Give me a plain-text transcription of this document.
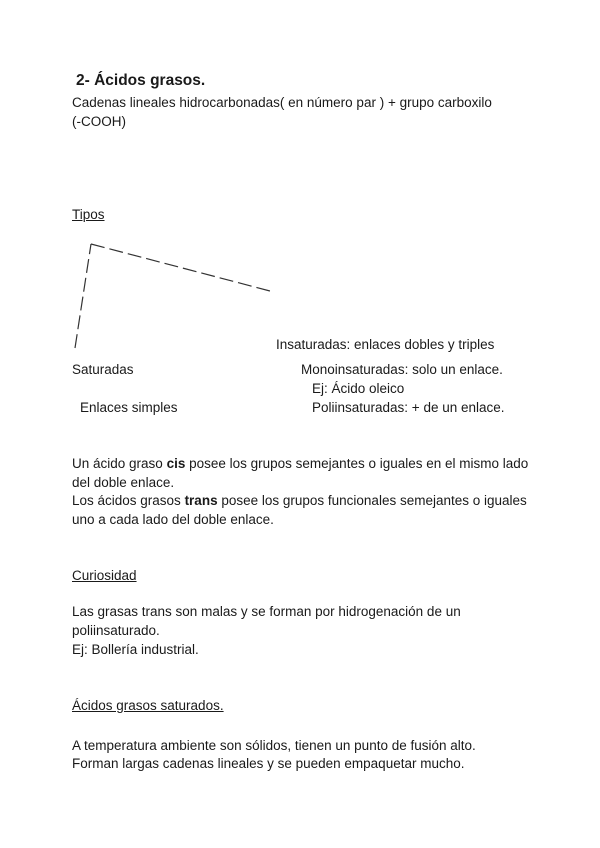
2- Ácidos grasos.
Cadenas lineales hidrocarbonadas( en número par ) + grupo carboxilo
(-COOH)
Tipos
Insaturadas: enlaces dobles y triples
Saturadas	Monoinsaturadas: solo un enlace.
Ej: Ácido oleico
Enlaces simples	Poliinsaturadas: + de un enlace.
Un ácido graso cis posee los grupos semejantes o iguales en el mismo lado del doble enlace.
Los ácidos grasos trans posee los grupos funcionales semejantes o iguales uno a cada lado del doble enlace.
Curiosidad
Las grasas trans son malas y se forman por hidrogenación de un poliinsaturado.
Ej: Bollería industrial.
Ácidos grasos saturados.
A temperatura ambiente son sólidos, tienen un punto de fusión alto.
Forman largas cadenas lineales y se pueden empaquetar mucho.
